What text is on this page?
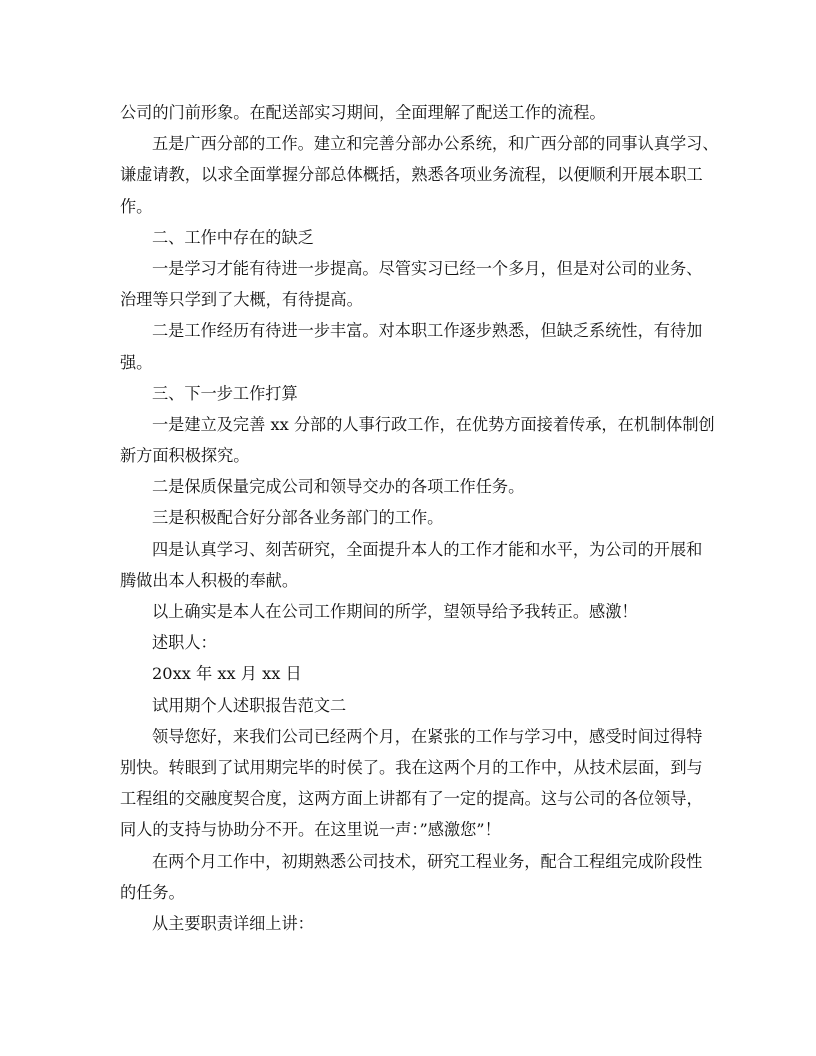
公司的门前形象。在配送部实习期间，全面理解了配送工作的流程。
五是广西分部的工作。建立和完善分部办公系统，和广西分部的同事认真学习、
谦虚请教，以求全面掌握分部总体概括，熟悉各项业务流程，以便顺利开展本职工
作。
二、工作中存在的缺乏
一是学习才能有待进一步提高。尽管实习已经一个多月，但是对公司的业务、
治理等只学到了大概，有待提高。
二是工作经历有待进一步丰富。对本职工作逐步熟悉，但缺乏系统性，有待加
强。
三、下一步工作打算
一是建立及完善 xx 分部的人事行政工作，在优势方面接着传承，在机制体制创
新方面积极探究。
二是保质保量完成公司和领导交办的各项工作任务。
三是积极配合好分部各业务部门的工作。
四是认真学习、刻苦研究，全面提升本人的工作才能和水平，为公司的开展和
腾做出本人积极的奉献。
以上确实是本人在公司工作期间的所学，望领导给予我转正。感激！
述职人：
20xx 年 xx 月 xx 日
试用期个人述职报告范文二
领导您好，来我们公司已经两个月，在紧张的工作与学习中，感受时间过得特
别快。转眼到了试用期完毕的时侯了。我在这两个月的工作中，从技术层面，到与
工程组的交融度契合度，这两方面上讲都有了一定的提高。这与公司的各位领导，
同人的支持与协助分不开。在这里说一声：”感激您”！
在两个月工作中，初期熟悉公司技术，研究工程业务，配合工程组完成阶段性
的任务。
从主要职责详细上讲：
